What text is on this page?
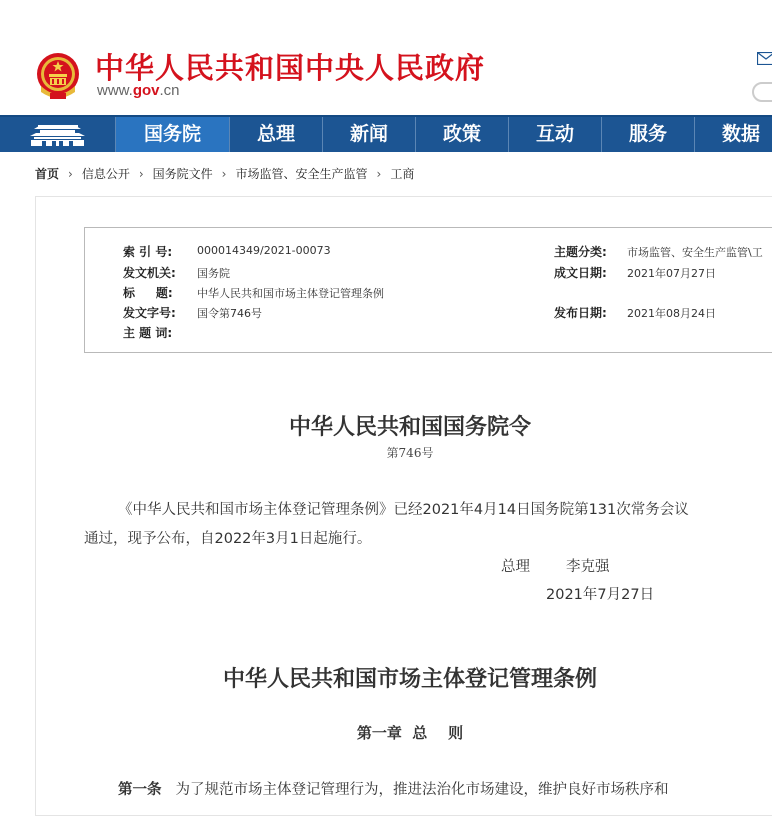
中华人民共和国中央人民政府
www.gov.cn
国务院	总理	新闻	政策	互动	服务	数据
首页 › 信息公开 › 国务院文件 › 市场监管、安全生产监管 › 工商
索 引 号: 000014349/2021-00073
发文机关: 国务院
标     题: 中华人民共和国市场主体登记管理条例
发文字号: 国令第746号
主 题 词:
主题分类: 市场监管、安全生产监管\工
成文日期: 2021年07月27日
发布日期: 2021年08月24日
中华人民共和国国务院令
第746号
《中华人民共和国市场主体登记管理条例》已经2021年4月14日国务院第131次常务会议
通过，现予公布，自2022年3月1日起施行。
总理 李克强
2021年7月27日
中华人民共和国市场主体登记管理条例
第一章  总    则
第一条 为了规范市场主体登记管理行为，推进法治化市场建设，维护良好市场秩序和
